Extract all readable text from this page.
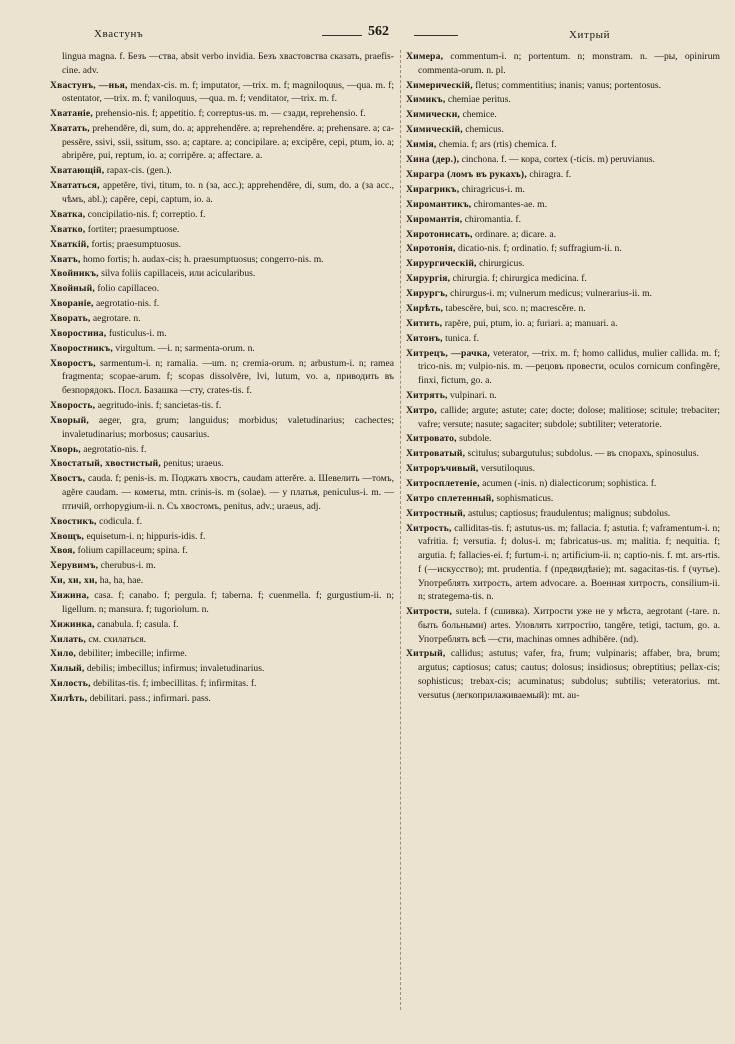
Хвастунъ	562	Хитрый

lingua magna. f. Безъ —ства, absit verbo invidia. Безъ хвастовства сказать, praefiscine. adv.

Хвастунъ, —нья, mendax-cis. m. f; imputator, —trix. m. f; magniloquus, —qua. m. f; ostentator, —trix. m. f; vaniloquus, —qua. m. f; venditator, —trix. m. f.

Хватаніе, prehensio-nis. f; appetitio. f; correptus-us. m. — сзади, reprehensio. f.

Хватать, prehendĕre, di, sum, do. a; apprehendĕre. a; reprehendĕre. a; prehensare. a; capessĕre, ssivi, ssii, ssitum, sso. a; captare. a; concipilare. a; excipĕre, cepi, ptum, io. a; abripĕre, pui, reptum, io. a; corripĕre. a; affectare. a.

Хватающій, rapax-cis. (gen.).

Хвататься, appetĕre, tivi, titum, to. n (за, acc.); apprehendĕre, di, sum, do. a (за acc., чѣмъ, abl.); capĕre, cepi, captum, io. a.

Хватка, concipilatio-nis. f; correptio. f.

Хватко, fortiter; praesumptuose.

Хваткій, fortis; praesumptuosus.

Хватъ, homo fortis; h. audax-cis; h. praesumptuosus; congerro-nis. m.

Хвойникъ, silva foliis capillaceis, или acicularibus.

Хвойный, folio capillaceo.

Хвораніе, aegrotatio-nis. f.

Хворать, aegrotare. n.

Хворостина, fusticulus-i. m.

Хворостникъ, virgultum. —i. n; sarmenta-orum. n.

Хворостъ, sarmentum-i. n; ramalia. —um. n; cremia-orum. n; arbustum-i. n; ramea fragmenta; scopae-arum. f; scopas dissolvĕre, lvi, lutum, vo. a, приводить въ безпорядокъ. Посл. Базашка —сту, crates-tis. f.

Хворость, aegritudo-inis. f; sancietas-tis. f.

Хворый, aeger, gra, grum; languidus; morbidus; valetudinarius; cachectes; invaletudinarius; morbosus; causarius.

Хворь, aegrotatio-nis. f.

Хвостатый, хвостистый, penitus; uraeus.

Хвостъ, cauda. f; penis-is. m. Поджать хвостъ, caudam atterĕre. a. Шевелить —томъ, agĕre caudam. — кометы, mtn. crinis-is. m (solae). — у платья, peniculus-i. m. — птичій, orrhopygium-ii. n. Съ хвостомъ, penitus, adv.; uraeus, adj.

Хвостикъ, codicula. f.

Хвощъ, equisetum-i. n; hippuris-idis. f.

Хвоя, folium capillaceum; spina. f.

Херувимъ, cherubus-i. m.

Хи, хи, хи, ha, ha, hae.

Хижина, casa. f; canabo. f; pergula. f; taberna. f; cuenmella. f; gurgustium-ii. n; ligellum. n; mansura. f; tugoriolum. n.

Хижинка, canabula. f; casula. f.

Хилать, см. схилаться.

Хило, debiliter; imbecille; infirme.

Хилый, debilis; imbecillus; infirmus; invaletudinarius.

Хилость, debilitas-tis. f; imbecillitas. f; infirmitas. f.

Хилѣть, debilitari. pass.; infirmari. pass.

Химера, commentum-i. n; portentum. n; monstram. n. —ры, opinirum commenta-orum. n. pl.

Химерическій, fletus; commentitius; inanis; vanus; portentosus.

Химикъ, chemiae peritus.

Химически, chemice.

Химическій, chemicus.

Химія, chemia. f; ars (rtis) chemica. f.

Хина (дер.), cinchona. f. — кора, cortex (-ticis. m) peruvianus.

Хирагра (ломъ въ рукахъ), chiragra. f.

Хирагрикъ, chiragricus-i. m.

Хиромантикъ, chiromantes-ae. m.

Хиромантія, chiromantia. f.

Хиротонисать, ordinare. a; dicare. a.

Хиротонія, dicatio-nis. f; ordinatio. f; suffragium-ii. n.

Хирургическій, chirurgicus.

Хирургія, chirurgia. f; chirurgica medicina. f.

Хирургъ, chirurgus-i. m; vulnerum medicus; vulnerarius-ii. m.

Хирѣть, tabescĕre, bui, sco. n; macrescĕre. n.

Хитить, rapĕre, pui, ptum, io. a; furiari. a; manuari. a.

Хитонъ, tunica. f.

Хитрецъ, —рачка, veterator, —trix. m. f; homo callidus, mulier callida. m. f; trico-nis. m; vulpio-nis. m. —рецовъ провести, oculos cornicum confingĕre, finxi, fictum, go. a.

Хитрять, vulpinari. n.

Хитро, callide; argute; astute; cate; docte; dolose; malitiose; scitule; trebaciter; vafre; versute; nasute; sagaciter; subdole; subtiliter; veteratorie.

Хитровато, subdole.

Хитроватый, scitulus; subargutulus; subdolus. — въ спорахъ, spinosulus.

Хитроръчивый, versutiloquus.

Хитросплетеніе, acumen (-inis. n) dialecticorum; sophistica. f.

Хитро сплетенный, sophismaticus.

Хитростный, astulus; captiosus; fraudulentus; malignus; subdolus.

Хитрость, calliditas-tis. f; astutus-us. m; fallacia. f; astutia. f; vaframentum-i. n; vafritia. f; versutia. f; dolus-i. m; fabricatus-us. m; malitia. f; nequitia. f; argutia. f; fallacies-ei. f; furtum-i. n; artificium-ii. n; captio-nis. f. mt. ars-rtis. f (—искусство); mt. prudentia. f (предвидѣніе); mt. sagacitas-tis. f (чутье). Употреблять хитрость, artem advocare. a. Военная хитрость, consilium-ii. n; strategema-tis. n.

Хитрости, sutela. f (сшивка). Хитрости уже не у мѣста, aegrotant (-tare. n. быть больными) artes. Уловлять хитростію, tangĕre, tetigi, tactum, go. a. Употреблять всѣ —сти, machinas omnes adhibĕre. (nd).

Хитрый, callidus; astutus; vafer, fra, frum; vulpinaris; affaber, bra, brum; argutus; captiosus; catus; cautus; dolosus; insidiosus; obreptitius; pellax-cis; sophisticus; trebax-cis; acuminatus; subdolus; subtilis; veteratorius. mt. versutus (легкоприлаживаемый): mt. au-
